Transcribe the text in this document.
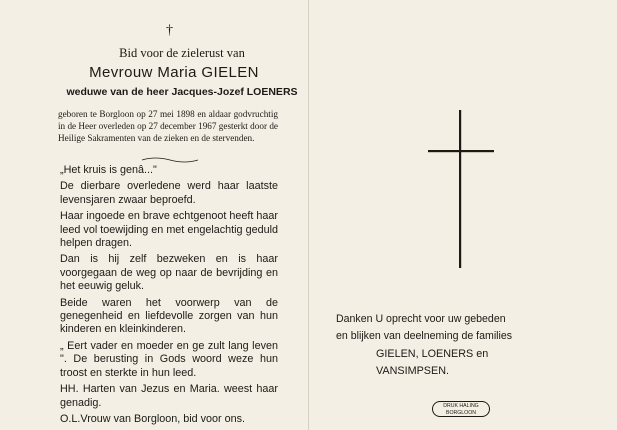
†
Bid voor de zielerust van
Mevrouw Maria GIELEN
weduwe van de heer Jacques-Jozef LOENERS
geboren te Borgloon op 27 mei 1898 en aldaar godvruchtig in de Heer overleden op 27 december 1967 gesterkt door de Heilige Sakramenten van de zieken en de stervenden.

„Het kruis is genâ..."

De dierbare overledene werd haar laatste levensjaren zwaar beproefd.

Haar ingoede en brave echtgenoot heeft haar leed vol toewijding en met engelachtig geduld helpen dragen.

Dan is hij zelf bezweken en is haar voorgegaan de weg op naar de bevrijding en het eeuwig geluk.

Beide waren het voorwerp van de genegenheid en liefdevolle zorgen van hun kinderen en kleinkinderen.

„ Eert vader en moeder en ge zult lang leven ". De berusting in Gods woord weze hun troost en sterkte in hun leed.

HH. Harten van Jezus en Maria. weest haar genadig.

O.L.Vrouw van Borgloon, bid voor ons.

Danken U oprecht voor uw gebeden
en blijken van deelneming de families
GIELEN, LOENERS en
VANSIMPSEN.
DRUK HALING
BORGLOON
